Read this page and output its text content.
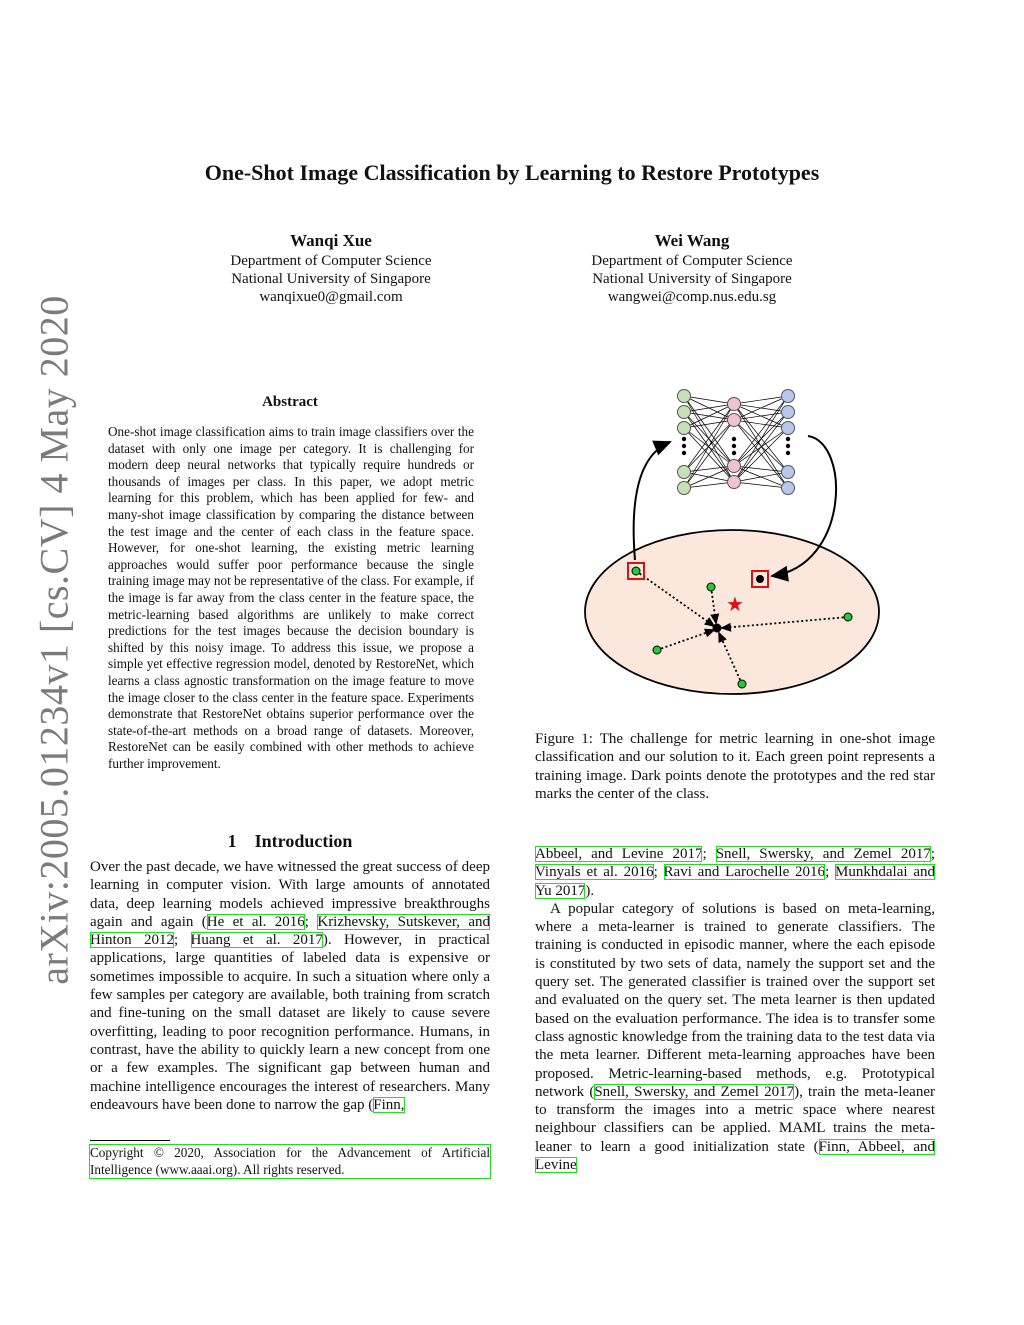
arXiv:2005.01234v1 [cs.CV] 4 May 2020
One-Shot Image Classification by Learning to Restore Prototypes
Wanqi Xue
Department of Computer Science
National University of Singapore
wanqixue0@gmail.com
Wei Wang
Department of Computer Science
National University of Singapore
wangwei@comp.nus.edu.sg
Abstract
One-shot image classification aims to train image classifiers over the dataset with only one image per category. It is challenging for modern deep neural networks that typically require hundreds or thousands of images per class. In this paper, we adopt metric learning for this problem, which has been applied for few- and many-shot image classification by comparing the distance between the test image and the center of each class in the feature space. However, for one-shot learning, the existing metric learning approaches would suffer poor performance because the single training image may not be representative of the class. For example, if the image is far away from the class center in the feature space, the metric-learning based algorithms are unlikely to make correct predictions for the test images because the decision boundary is shifted by this noisy image. To address this issue, we propose a simple yet effective regression model, denoted by RestoreNet, which learns a class agnostic transformation on the image feature to move the image closer to the class center in the feature space. Experiments demonstrate that RestoreNet obtains superior performance over the state-of-the-art methods on a broad range of datasets. Moreover, RestoreNet can be easily combined with other methods to achieve further improvement.
1 Introduction
Over the past decade, we have witnessed the great success of deep learning in computer vision. With large amounts of annotated data, deep learning models achieved impressive breakthroughs again and again (He et al. 2016; Krizhevsky, Sutskever, and Hinton 2012; Huang et al. 2017). However, in practical applications, large quantities of labeled data is expensive or sometimes impossible to acquire. In such a situation where only a few samples per category are available, both training from scratch and fine-tuning on the small dataset are likely to cause severe overfitting, leading to poor recognition performance. Humans, in contrast, have the ability to quickly learn a new concept from one or a few examples. The significant gap between human and machine intelligence encourages the interest of researchers. Many endeavours have been done to narrow the gap (Finn,
Copyright © 2020, Association for the Advancement of Artificial Intelligence (www.aaai.org). All rights reserved.
★
Figure 1: The challenge for metric learning in one-shot image classification and our solution to it. Each green point represents a training image. Dark points denote the prototypes and the red star marks the center of the class.

Abbeel, and Levine 2017; Snell, Swersky, and Zemel 2017; Vinyals et al. 2016; Ravi and Larochelle 2016; Munkhdalai and Yu 2017).

A popular category of solutions is based on meta-learning, where a meta-learner is trained to generate classifiers. The training is conducted in episodic manner, where the each episode is constituted by two sets of data, namely the support set and the query set. The generated classifier is trained over the support set and evaluated on the query set. The meta learner is then updated based on the evaluation performance. The idea is to transfer some class agnostic knowledge from the training data to the test data via the meta learner. Different meta-learning approaches have been proposed. Metric-learning-based methods, e.g. Prototypical network (Snell, Swersky, and Zemel 2017), train the meta-leaner to transform the images into a metric space where nearest neighbour classifiers can be applied. MAML trains the meta-leaner to learn a good initialization state (Finn, Abbeel, and Levine
